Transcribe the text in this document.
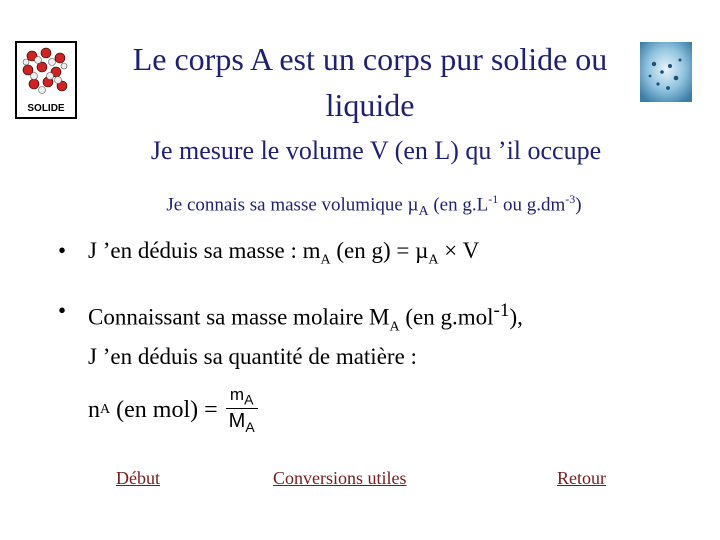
SOLIDE
Le corps A est un corps pur solide ou liquide
Je mesure le volume V (en L) qu ’il occupe
Je connais sa masse volumique µ$_A$ (en $g.L^{-1}$ ou $g.dm^{-3}$)
• J ’en déduis sa masse : $m_A$ (en g) = µ$_A$ × V
• Connaissant sa masse molaire $M_A$ (en g.mol$^{-1}$),
J ’en déduis sa quantité de matière :
n A (en $mol) = \frac{m_A}{M_A}$
Début	Conversions utiles	Retour
